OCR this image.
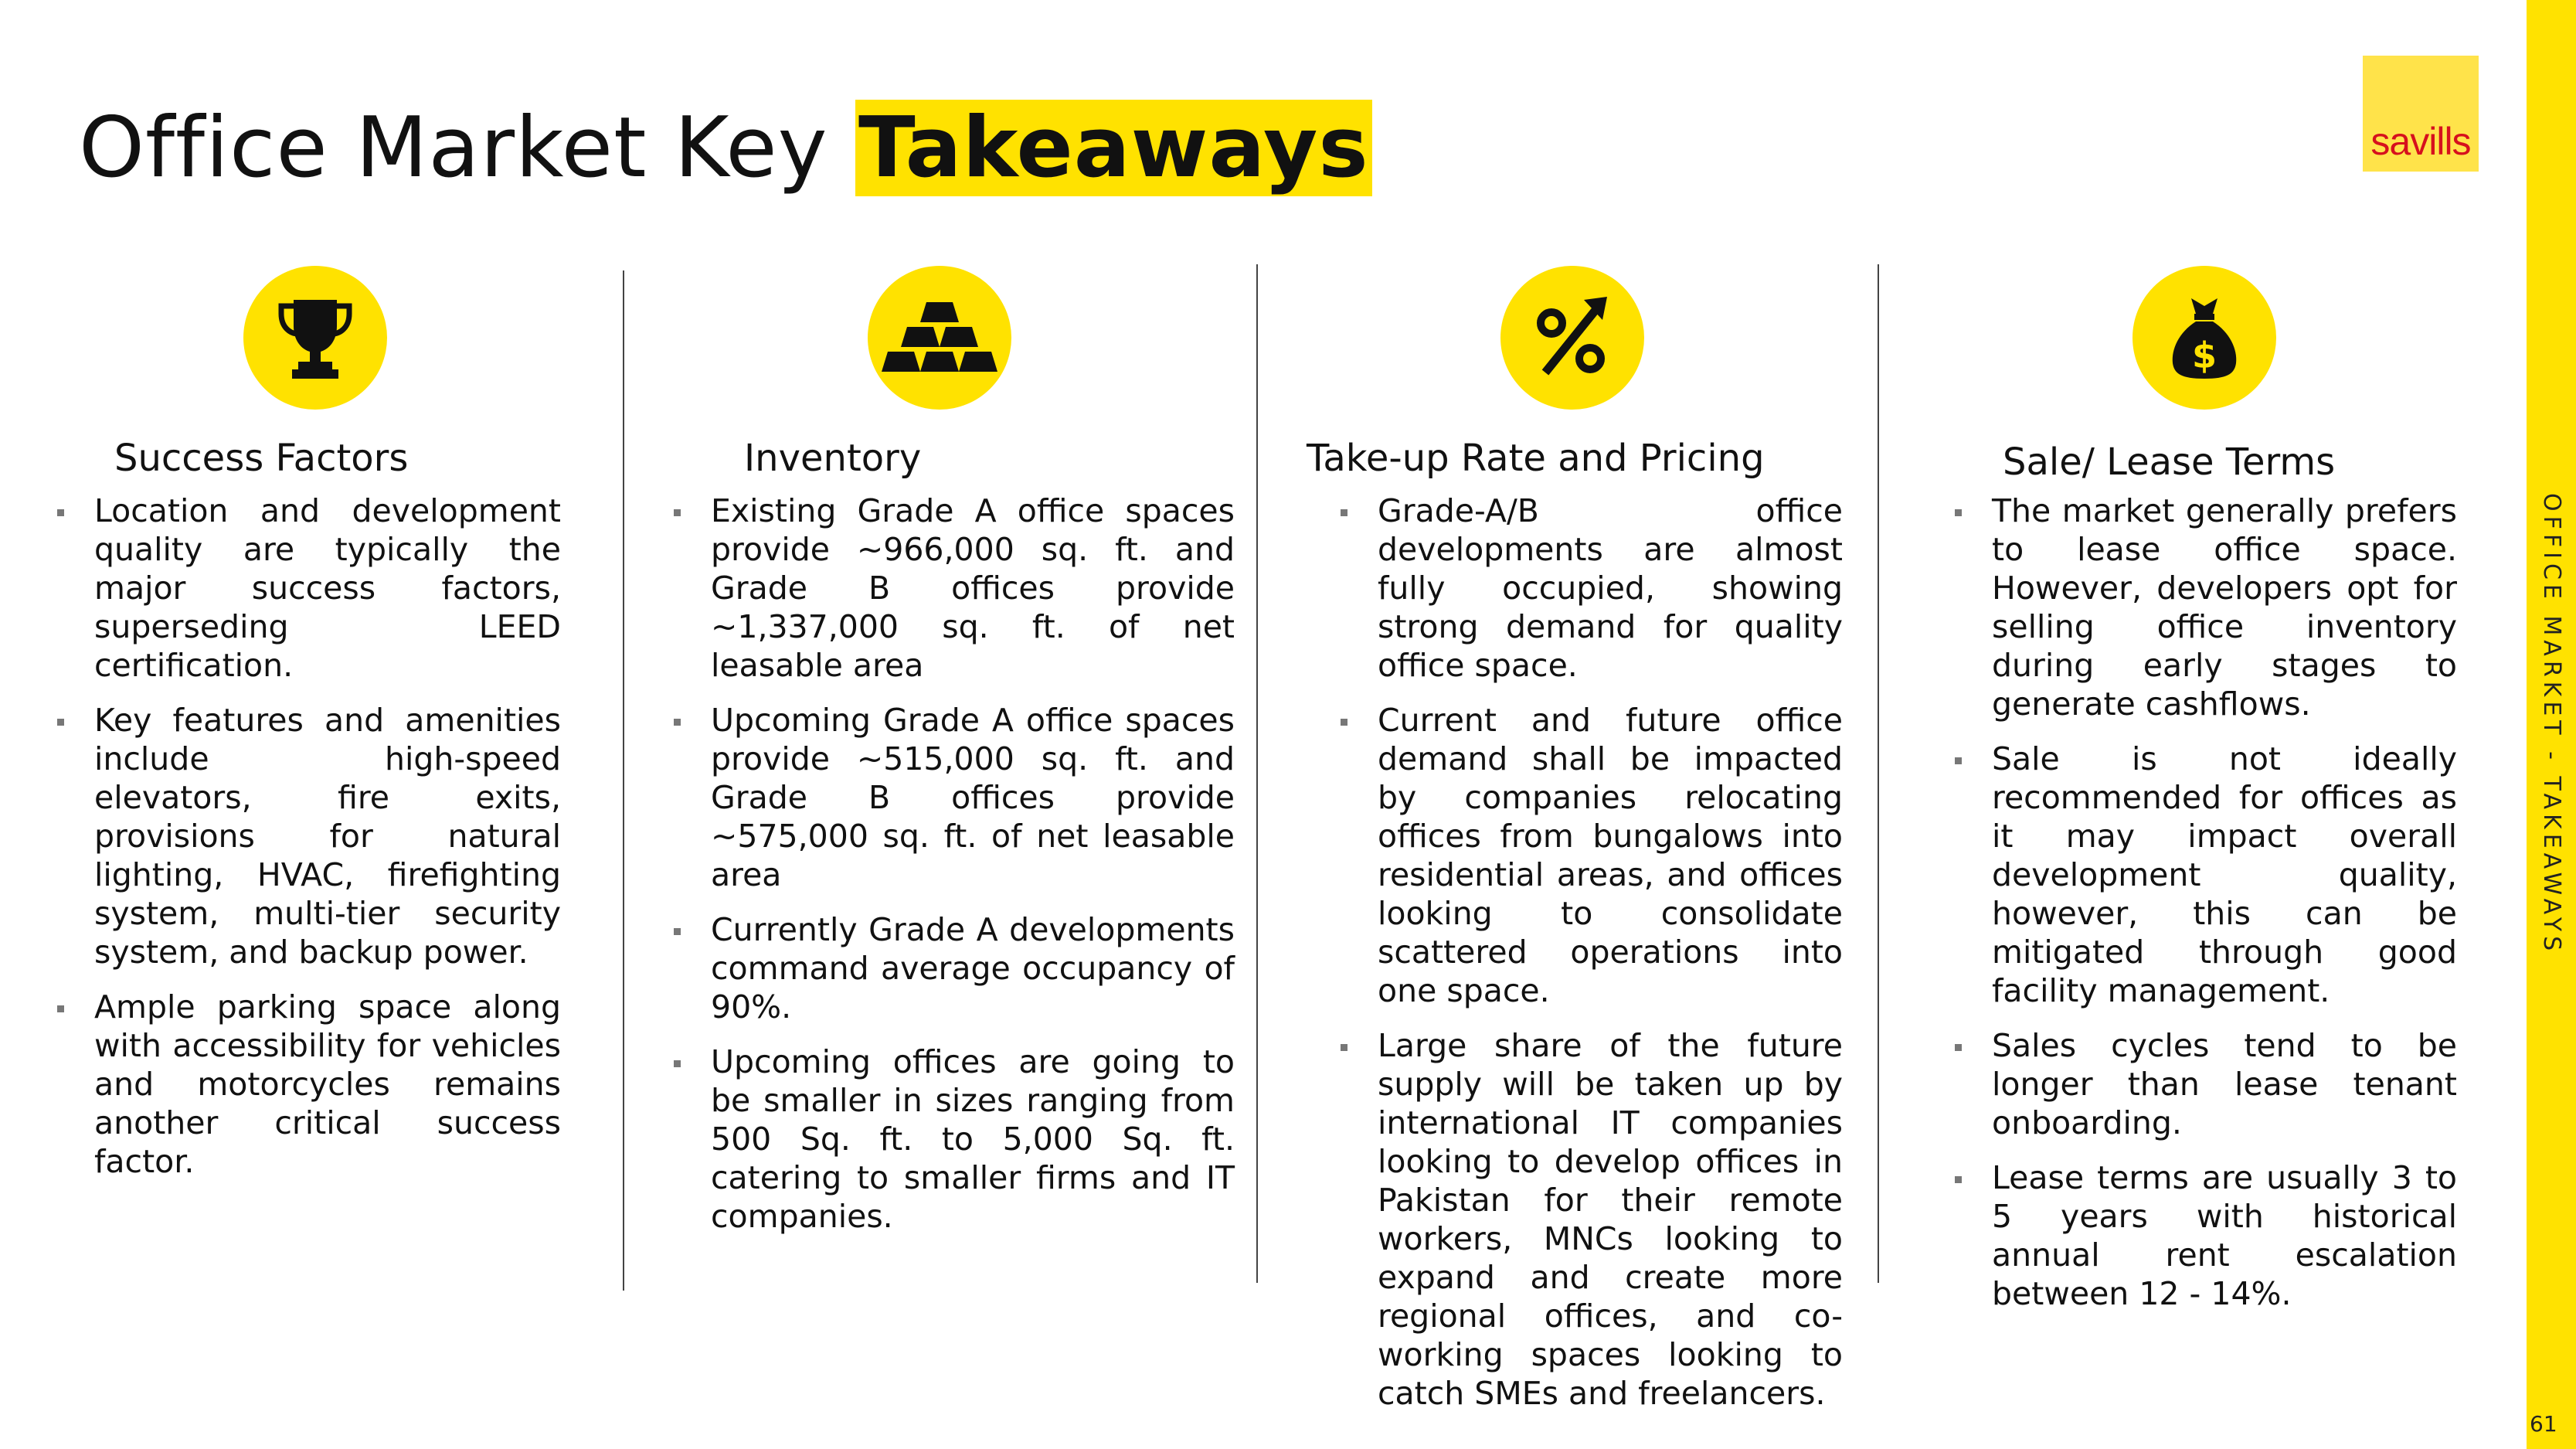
Office Market Key Takeaways	savills
OFFICE MARKET - TAKEAWAYS
61
Success Factors
Location and development quality are typically the major success factors, superseding LEED certification.
Key features and amenities include high-speed elevators, fire exits, provisions for natural lighting, HVAC, firefighting system, multi-tier security system, and backup power.
Ample parking space along with accessibility for vehicles and motorcycles remains another critical success factor.
Inventory
Existing Grade A office spaces provide ~966,000 sq. ft. and Grade B offices provide ~1,337,000 sq. ft. of net leasable area
Upcoming Grade A office spaces provide ~515,000 sq. ft. and Grade B offices provide ~575,000 sq. ft. of net leasable area
Currently Grade A developments command average occupancy of 90%.
Upcoming offices are going to be smaller in sizes ranging from 500 Sq. ft. to 5,000 Sq. ft. catering to smaller firms and IT companies.
Take-up Rate and Pricing
Grade-A/B office developments are almost fully occupied, showing strong demand for quality office space.
Current and future office demand shall be impacted by companies relocating offices from bungalows into residential areas, and offices looking to consolidate scattered operations into one space.
Large share of the future supply will be taken up by international IT companies looking to develop offices in Pakistan for their remote workers, MNCs looking to expand and create more regional offices, and co-working spaces looking to catch SMEs and freelancers.
$
Sale/ Lease Terms
The market generally prefers to lease office space. However, developers opt for selling office inventory during early stages to generate cashflows.
Sale is not ideally recommended for offices as it may impact overall development quality, however, this can be mitigated through good facility management.
Sales cycles tend to be longer than lease tenant onboarding.
Lease terms are usually 3 to 5 years with historical annual rent escalation between 12 - 14%.
